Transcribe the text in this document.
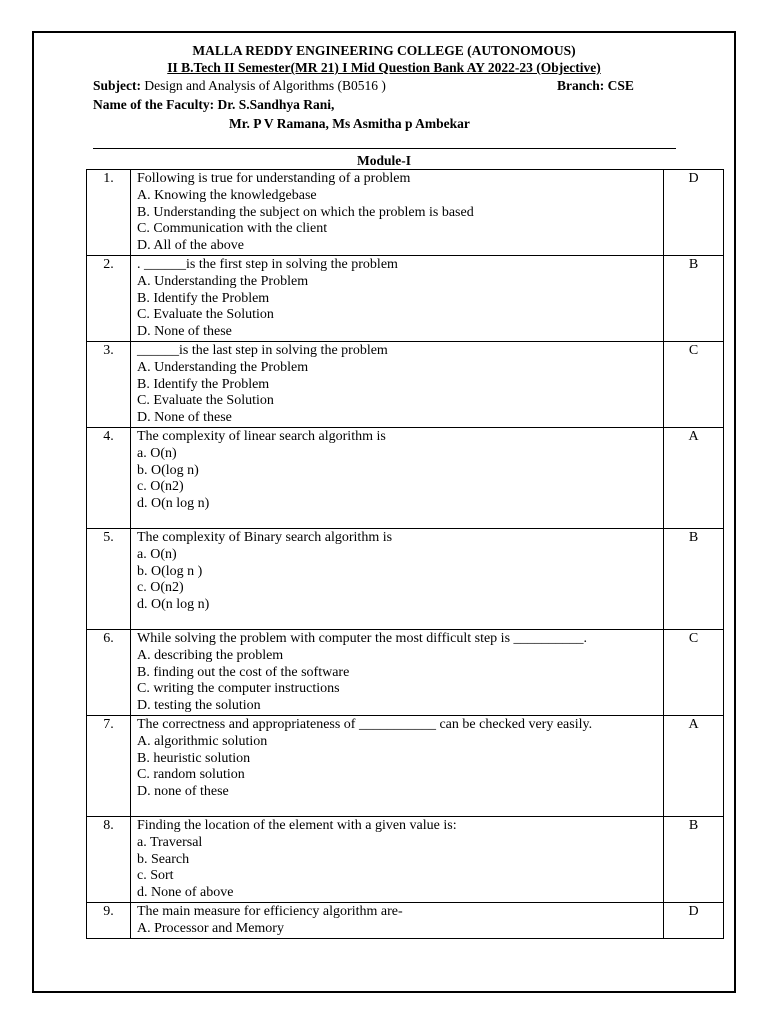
MALLA REDDY ENGINEERING COLLEGE (AUTONOMOUS)
II B.Tech II Semester(MR 21) I Mid Question Bank AY 2022-23 (Objective)
Subject: Design and Analysis of Algorithms (B0516 )	Branch: CSE
Name of the Faculty: Dr. S.Sandhya Rani,
Mr. P V Ramana, Ms Asmitha p Ambekar
Module-I
1.	Following is true for understanding of a problem
A. Knowing the knowledgebase
B. Understanding the subject on which the problem is based
C. Communication with the client
D. All of the above	D
2.	. ______is the first step in solving the problem
A. Understanding the Problem
B. Identify the Problem
C. Evaluate the Solution
D. None of these	B
3.	______is the last step in solving the problem
A. Understanding the Problem
B. Identify the Problem
C. Evaluate the Solution
D. None of these	C
4.	The complexity of linear search algorithm is
a. O(n)
b. O(log n)
c. O(n2)
d. O(n log n)	A
5.	The complexity of Binary search algorithm is
a. O(n)
b. O(log n )
c. O(n2)
d. O(n log n)	B
6.	While solving the problem with computer the most difficult step is __________.
A. describing the problem
B. finding out the cost of the software
C. writing the computer instructions
D. testing the solution	C
7.	The correctness and appropriateness of ___________ can be checked very easily.
A. algorithmic solution
B. heuristic solution
C. random solution
D. none of these	A
8.	Finding the location of the element with a given value is:
a. Traversal
b. Search
c. Sort
d. None of above	B
9.	The main measure for efficiency algorithm are-
A. Processor and Memory	D
